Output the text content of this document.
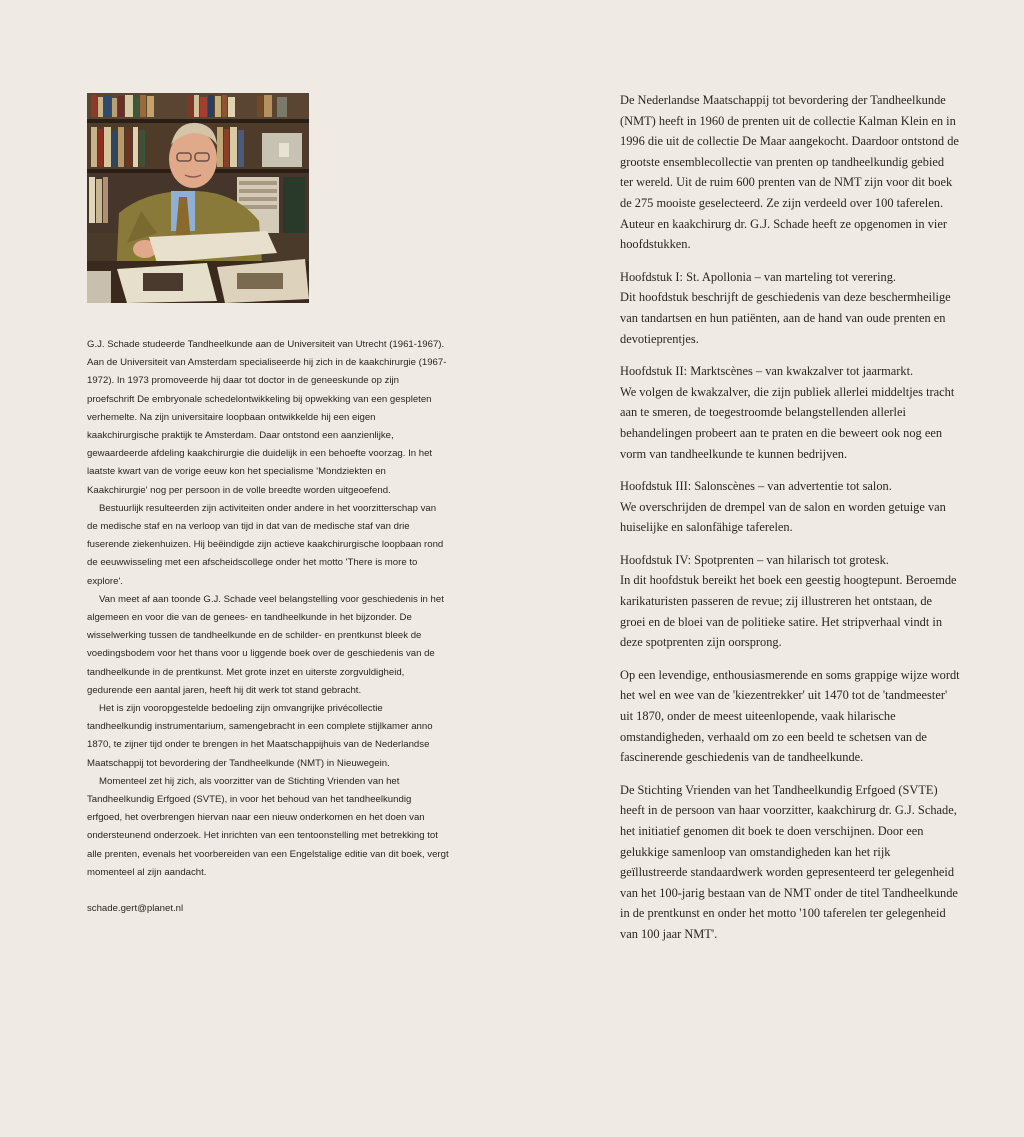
G.J. Schade studeerde Tandheelkunde aan de Universiteit van Utrecht (1961-1967). Aan de Universiteit van Amsterdam specialiseerde hij zich in de kaakchirurgie (1967-1972). In 1973 promoveerde hij daar tot doctor in de geneeskunde op zijn proefschrift De embryonale schedelontwikkeling bij opwekking van een gespleten verhemelte. Na zijn universitaire loopbaan ontwikkelde hij een eigen kaakchirurgische praktijk te Amsterdam. Daar ontstond een aanzienlijke, gewaardeerde afdeling kaakchirurgie die duidelijk in een behoefte voorzag. In het laatste kwart van de vorige eeuw kon het specialisme 'Mondziekten en Kaakchirurgie' nog per persoon in de volle breedte worden uitgeoefend.

Bestuurlijk resulteerden zijn activiteiten onder andere in het voorzitterschap van de medische staf en na verloop van tijd in dat van de medische staf van drie fuserende ziekenhuizen. Hij beëindigde zijn actieve kaakchirurgische loopbaan rond de eeuwwisseling met een afscheidscollege onder het motto 'There is more to explore'.

Van meet af aan toonde G.J. Schade veel belangstelling voor geschiedenis in het algemeen en voor die van de genees- en tandheelkunde in het bijzonder. De wisselwerking tussen de tandheelkunde en de schilder- en prentkunst bleek de voedingsbodem voor het thans voor u liggende boek over de geschiedenis van de tandheelkunde in de prentkunst. Met grote inzet en uiterste zorgvuldigheid, gedurende een aantal jaren, heeft hij dit werk tot stand gebracht.

Het is zijn vooropgestelde bedoeling zijn omvangrijke privécollectie tandheelkundig instrumentarium, samengebracht in een complete stijlkamer anno 1870, te zijner tijd onder te brengen in het Maatschappijhuis van de Nederlandse Maatschappij tot bevordering der Tandheelkunde (NMT) in Nieuwegein.

Momenteel zet hij zich, als voorzitter van de Stichting Vrienden van het Tandheelkundig Erfgoed (SVTE), in voor het behoud van het tandheelkundig erfgoed, het overbrengen hiervan naar een nieuw onderkomen en het doen van ondersteunend onderzoek. Het inrichten van een tentoonstelling met betrekking tot alle prenten, evenals het voorbereiden van een Engelstalige editie van dit boek, vergt momenteel al zijn aandacht.

schade.gert@planet.nl

De Nederlandse Maatschappij tot bevordering der Tandheelkunde (NMT) heeft in 1960 de prenten uit de collectie Kalman Klein en in 1996 die uit de collectie De Maar aangekocht. Daardoor ontstond de grootste ensemblecollectie van prenten op tandheelkundig gebied ter wereld. Uit de ruim 600 prenten van de NMT zijn voor dit boek de 275 mooiste geselecteerd. Ze zijn verdeeld over 100 taferelen. Auteur en kaakchirurg dr. G.J. Schade heeft ze opgenomen in vier hoofdstukken.

Hoofdstuk I: St. Apollonia – van marteling tot verering.

Dit hoofdstuk beschrijft de geschiedenis van deze beschermheilige van tandartsen en hun patiënten, aan de hand van oude prenten en devotieprentjes.

Hoofdstuk II: Marktscènes – van kwakzalver tot jaarmarkt.

We volgen de kwakzalver, die zijn publiek allerlei middeltjes tracht aan te smeren, de toegestroomde belangstellenden allerlei behandelingen probeert aan te praten en die beweert ook nog een vorm van tandheelkunde te kunnen bedrijven.

Hoofdstuk III: Salonscènes – van advertentie tot salon.

We overschrijden de drempel van de salon en worden getuige van huiselijke en salonfähige taferelen.

Hoofdstuk IV: Spotprenten – van hilarisch tot grotesk.

In dit hoofdstuk bereikt het boek een geestig hoogtepunt. Beroemde karikaturisten passeren de revue; zij illustreren het ontstaan, de groei en de bloei van de politieke satire. Het stripverhaal vindt in deze spotprenten zijn oorsprong.

Op een levendige, enthousiasmerende en soms grappige wijze wordt het wel en wee van de 'kiezentrekker' uit 1470 tot de 'tandmeester' uit 1870, onder de meest uiteenlopende, vaak hilarische omstandigheden, verhaald om zo een beeld te schetsen van de fascinerende geschiedenis van de tandheelkunde.

De Stichting Vrienden van het Tandheelkundig Erfgoed (SVTE) heeft in de persoon van haar voorzitter, kaakchirurg dr. G.J. Schade, het initiatief genomen dit boek te doen verschijnen. Door een gelukkige samenloop van omstandigheden kan het rijk geïllustreerde standaardwerk worden gepresenteerd ter gelegenheid van het 100-jarig bestaan van de NMT onder de titel Tandheelkunde in de prentkunst en onder het motto '100 taferelen ter gelegenheid van 100 jaar NMT'.
